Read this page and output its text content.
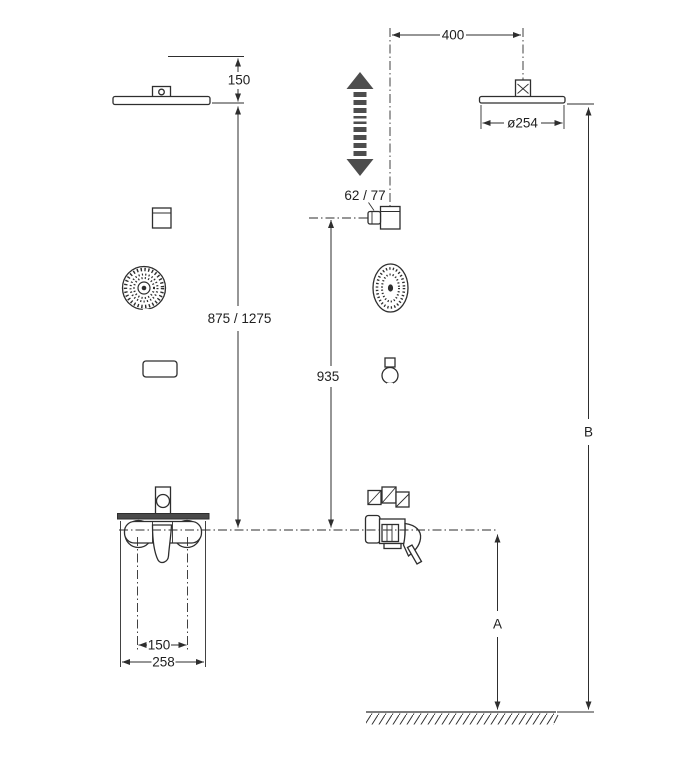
150
875 / 1275
150
258
400
ø254
62 / 77
935
A
B
